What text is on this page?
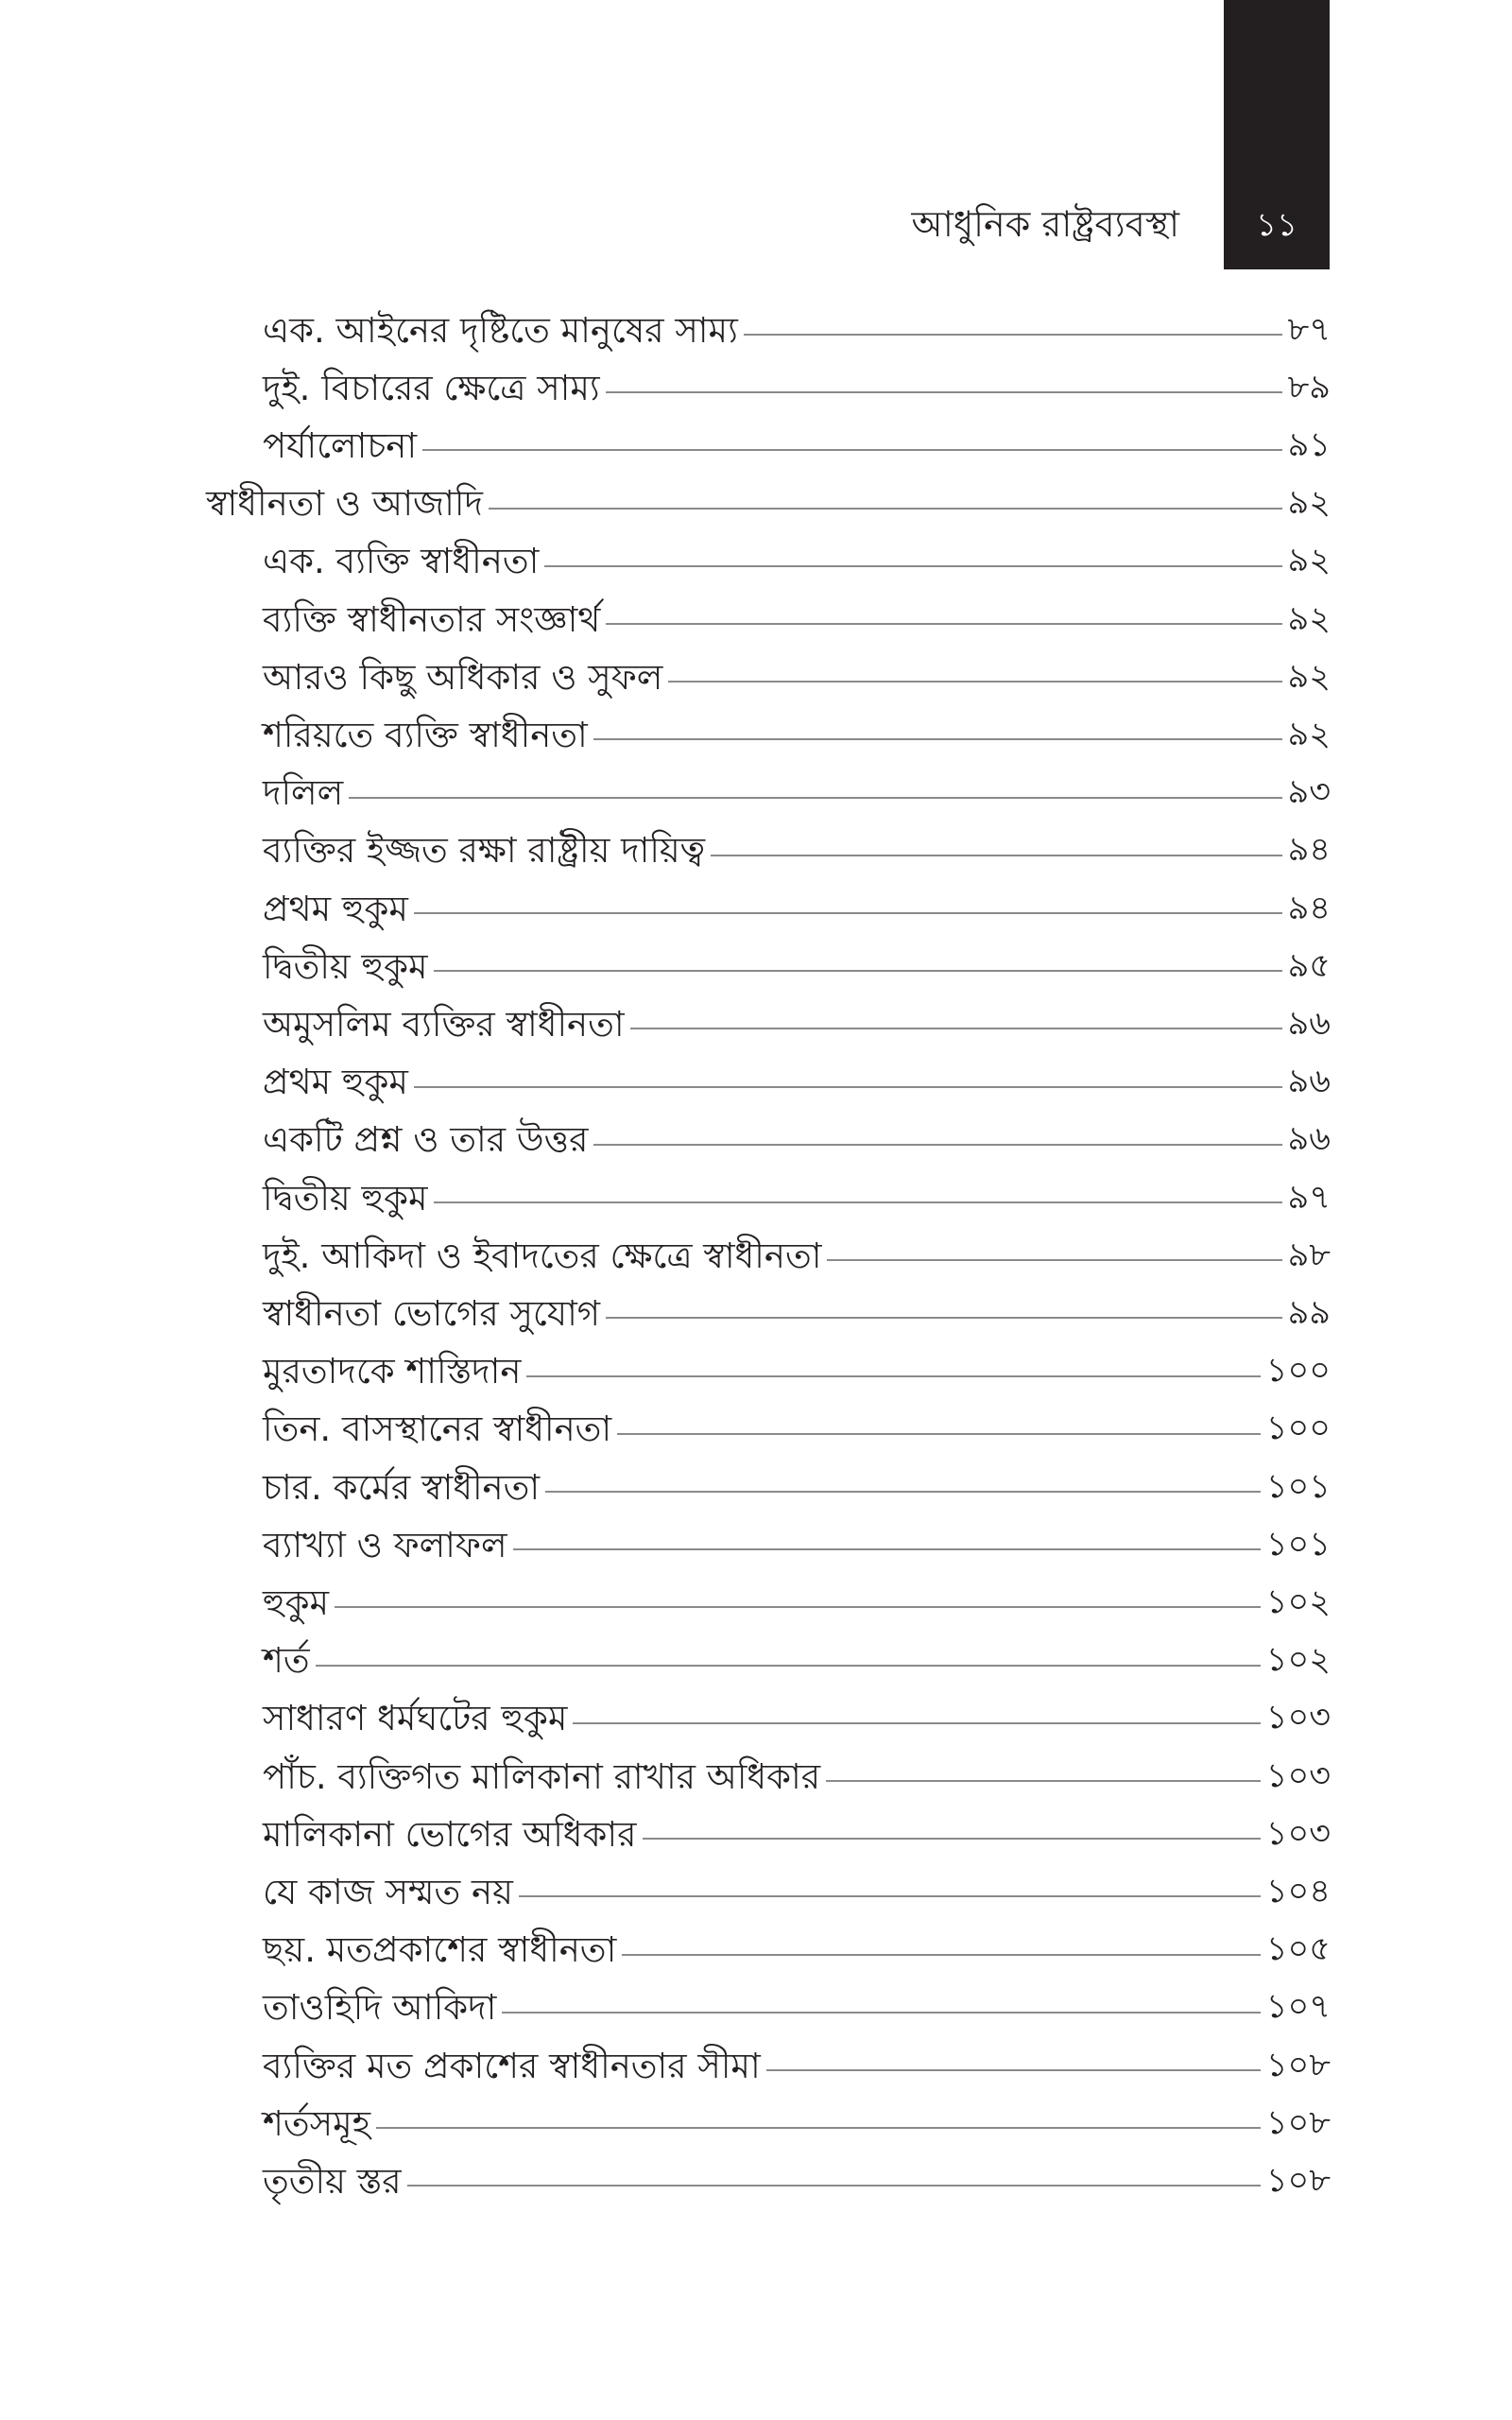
১১
আধুনিক রাষ্ট্রব্যবস্থা
এক. আইনের দৃষ্টিতে মানুষের সাম্য	৮৭
দুই. বিচারের ক্ষেত্রে সাম্য	৮৯
পর্যালোচনা	৯১
স্বাধীনতা ও আজাদি	৯২
এক. ব্যক্তি স্বাধীনতা	৯২
ব্যক্তি স্বাধীনতার সংজ্ঞার্থ	৯২
আরও কিছু অধিকার ও সুফল	৯২
শরিয়তে ব্যক্তি স্বাধীনতা	৯২
দলিল	৯৩
ব্যক্তির ইজ্জত রক্ষা রাষ্ট্রীয় দায়িত্ব	৯৪
প্রথম হুকুম	৯৪
দ্বিতীয় হুকুম	৯৫
অমুসলিম ব্যক্তির স্বাধীনতা	৯৬
প্রথম হুকুম	৯৬
একটি প্রশ্ন ও তার উত্তর	৯৬
দ্বিতীয় হুকুম	৯৭
দুই. আকিদা ও ইবাদতের ক্ষেত্রে স্বাধীনতা	৯৮
স্বাধীনতা ভোগের সুযোগ	৯৯
মুরতাদকে শাস্তিদান	১০০
তিন. বাসস্থানের স্বাধীনতা	১০০
চার. কর্মের স্বাধীনতা	১০১
ব্যাখ্যা ও ফলাফল	১০১
হুকুম	১০২
শর্ত	১০২
সাধারণ ধর্মঘটের হুকুম	১০৩
পাঁচ. ব্যক্তিগত মালিকানা রাখার অধিকার	১০৩
মালিকানা ভোগের অধিকার	১০৩
যে কাজ সম্মত নয়	১০৪
ছয়. মতপ্রকাশের স্বাধীনতা	১০৫
তাওহিদি আকিদা	১০৭
ব্যক্তির মত প্রকাশের স্বাধীনতার সীমা	১০৮
শর্তসমূহ	১০৮
তৃতীয় স্তর	১০৮
